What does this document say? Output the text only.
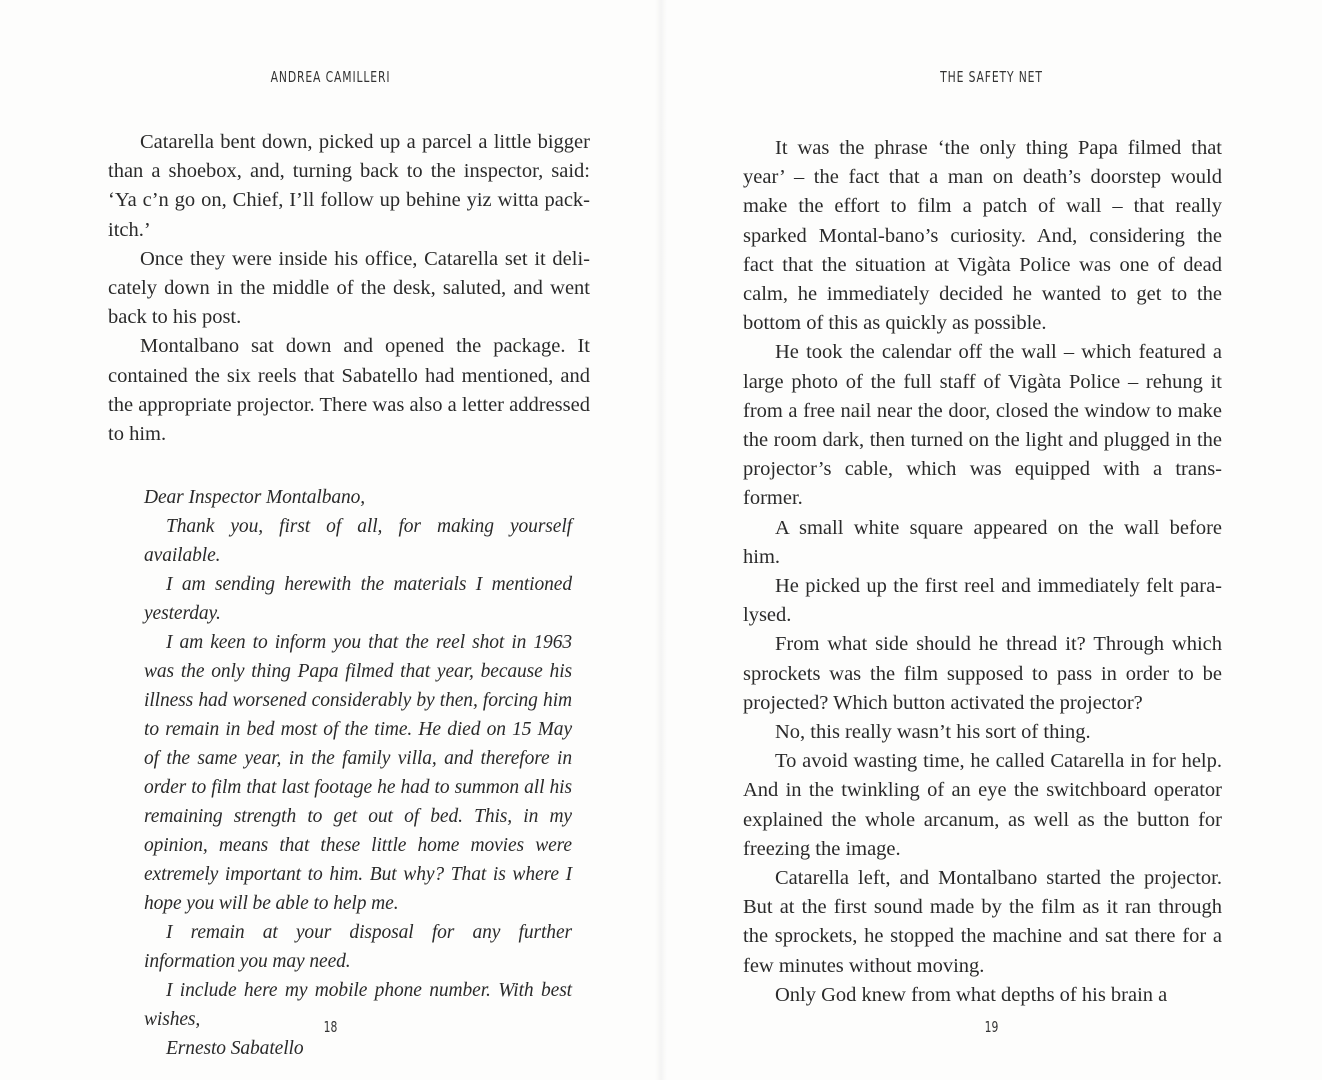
ANDREA CAMILLERI

Catarella bent down, picked up a parcel a little bigger than a shoebox, and, turning back to the inspector, said: ‘Ya c’n go on, Chief, I’ll follow up behine yiz witta pack-itch.’

Once they were inside his office, Catarella set it deli-cately down in the middle of the desk, saluted, and went back to his post.

Montalbano sat down and opened the package. It contained the six reels that Sabatello had mentioned, and the appropriate projector. There was also a letter addressed to him.

Dear Inspector Montalbano,

Thank you, first of all, for making yourself available.

I am sending herewith the materials I mentioned yesterday.

I am keen to inform you that the reel shot in 1963 was the only thing Papa filmed that year, because his illness had worsened considerably by then, forcing him to remain in bed most of the time. He died on 15 May of the same year, in the family villa, and therefore in order to film that last footage he had to summon all his remaining strength to get out of bed. This, in my opinion, means that these little home movies were extremely important to him. But why? That is where I hope you will be able to help me.

I remain at your disposal for any further information you may need.

I include here my mobile phone number. With best wishes,

Ernesto Sabatello

18
THE SAFETY NET

It was the phrase ‘the only thing Papa filmed that year’ – the fact that a man on death’s doorstep would make the effort to film a patch of wall – that really sparked Montal-bano’s curiosity. And, considering the fact that the situation at Vigàta Police was one of dead calm, he immediately decided he wanted to get to the bottom of this as quickly as possible.

He took the calendar off the wall – which featured a large photo of the full staff of Vigàta Police – rehung it from a free nail near the door, closed the window to make the room dark, then turned on the light and plugged in the projector’s cable, which was equipped with a trans-former.

A small white square appeared on the wall before him.

He picked up the first reel and immediately felt para-lysed.

From what side should he thread it? Through which sprockets was the film supposed to pass in order to be projected? Which button activated the projector?

No, this really wasn’t his sort of thing.

To avoid wasting time, he called Catarella in for help. And in the twinkling of an eye the switchboard operator explained the whole arcanum, as well as the button for freezing the image.

Catarella left, and Montalbano started the projector. But at the first sound made by the film as it ran through the sprockets, he stopped the machine and sat there for a few minutes without moving.

Only God knew from what depths of his brain a

19
